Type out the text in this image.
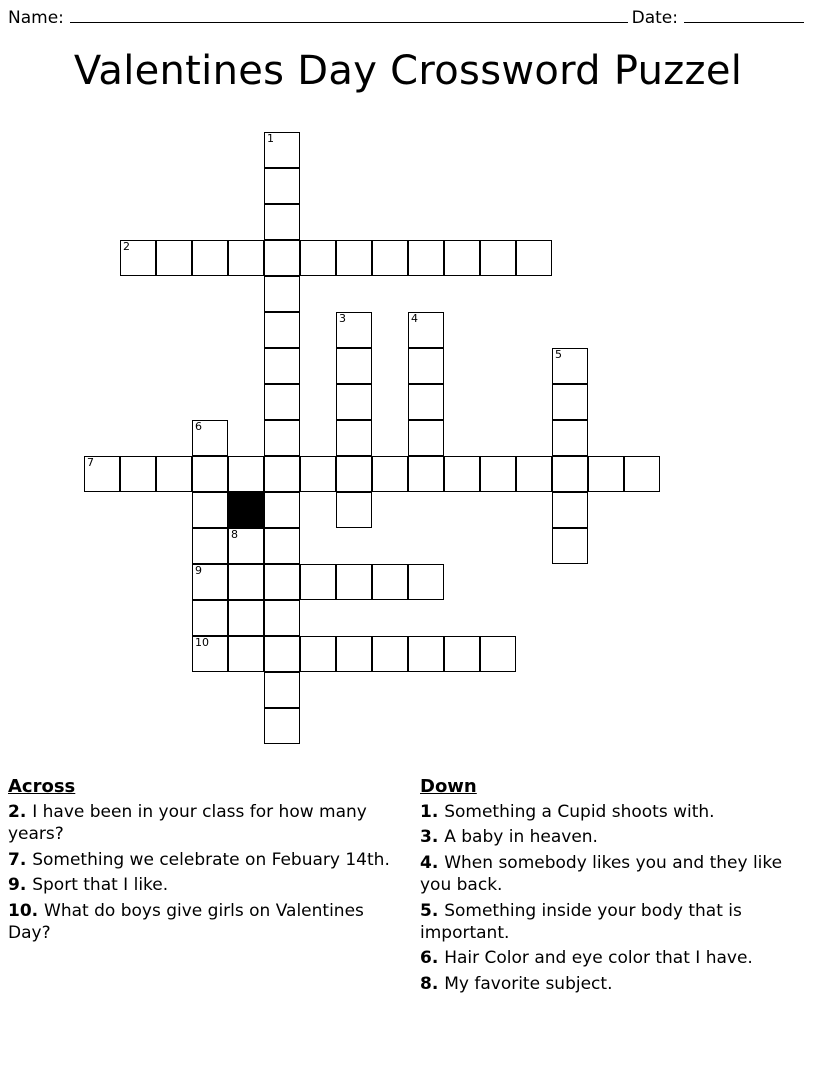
Name:	Date:
Valentines Day Crossword Puzzel
1
2
3	4
5
6
7
8
9
10
Across
2. I have been in your class for how many years?
7. Something we celebrate on Febuary 14th.
9. Sport that I like.
10. What do boys give girls on Valentines Day?
Down
1. Something a Cupid shoots with.
3. A baby in heaven.
4. When somebody likes you and they like you back.
5. Something inside your body that is important.
6. Hair Color and eye color that I have.
8. My favorite subject.
